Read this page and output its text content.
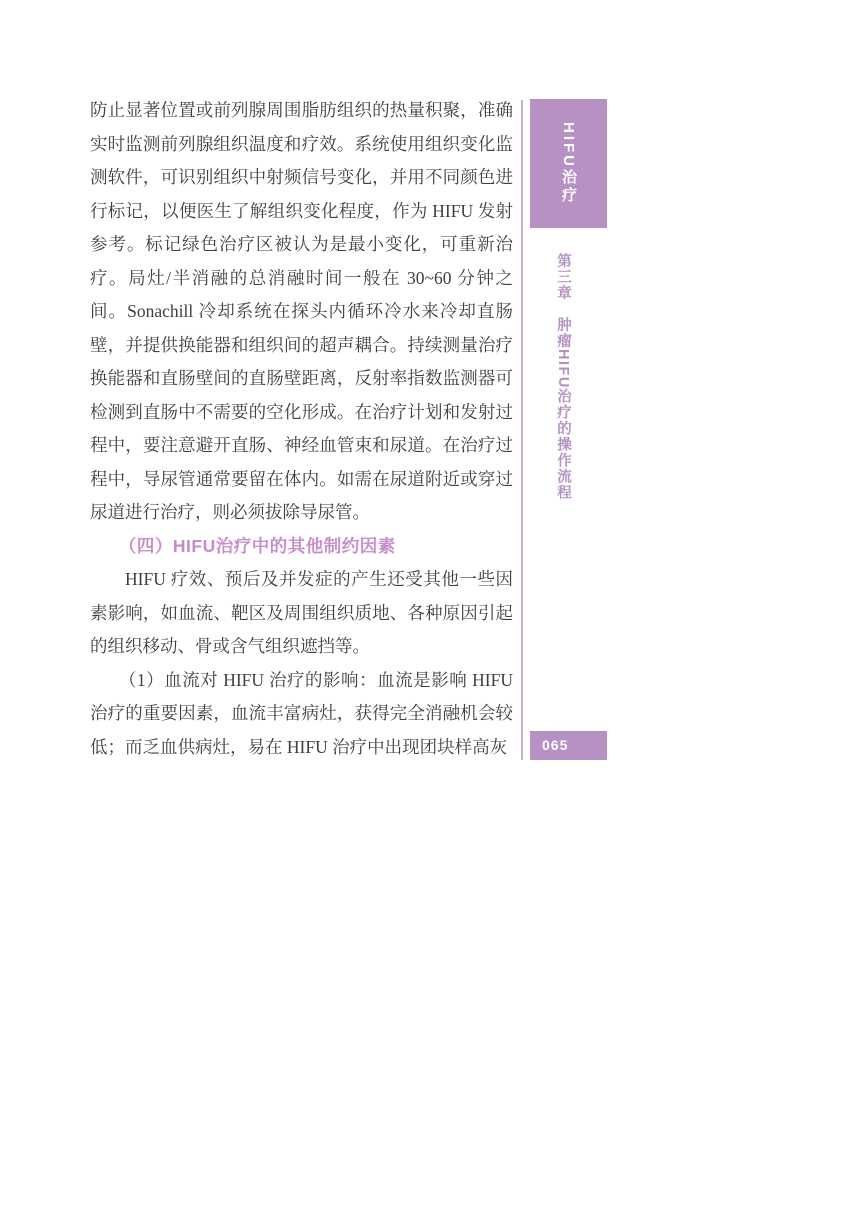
防止显著位置或前列腺周围脂肪组织的热量积聚，准确实时监测前列腺组织温度和疗效。系统使用组织变化监测软件，可识别组织中射频信号变化，并用不同颜色进行标记，以便医生了解组织变化程度，作为 HIFU 发射参考。标记绿色治疗区被认为是最小变化，可重新治疗。局灶/半消融的总消融时间一般在 30~60 分钟之间。Sonachill 冷却系统在探头内循环冷水来冷却直肠壁，并提供换能器和组织间的超声耦合。持续测量治疗换能器和直肠壁间的直肠壁距离，反射率指数监测器可检测到直肠中不需要的空化形成。在治疗计划和发射过程中，要注意避开直肠、神经血管束和尿道。在治疗过程中，导尿管通常要留在体内。如需在尿道附近或穿过尿道进行治疗，则必须拔除导尿管。

（四）HIFU治疗中的其他制约因素

HIFU 疗效、预后及并发症的产生还受其他一些因素影响，如血流、靶区及周围组织质地、各种原因引起的组织移动、骨或含气组织遮挡等。

（1）血流对 HIFU 治疗的影响：血流是影响 HIFU 治疗的重要因素，血流丰富病灶，获得完全消融机会较低；而乏血供病灶，易在 HIFU 治疗中出现团块样高灰

HIFU治疗
第三章　肿瘤HIFU治疗的操作流程
065
